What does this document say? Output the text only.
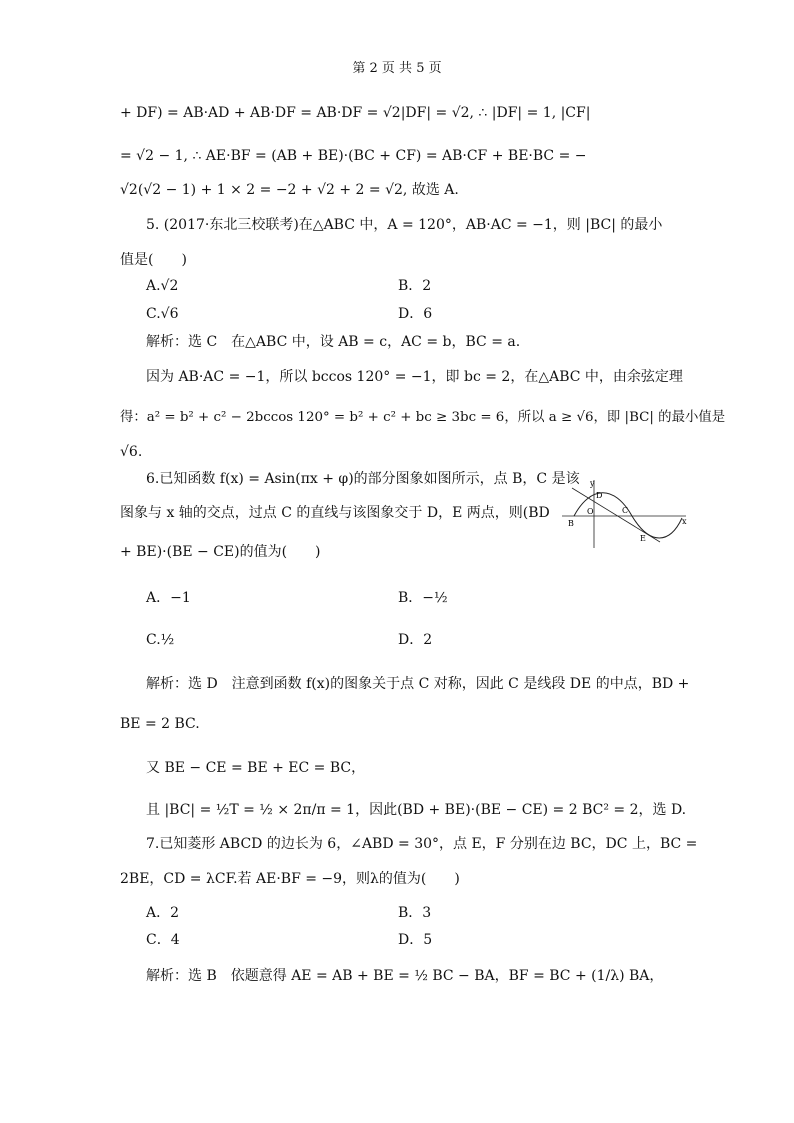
第 2 页 共 5 页
+ DF) = AB·AD + AB·DF = AB·DF = √2|DF| = √2, ∴ |DF| = 1, |CF|
= √2 − 1, ∴ AE·BF = (AB + BE)·(BC + CF) = AB·CF + BE·BC = −
√2(√2 − 1) + 1 × 2 = −2 + √2 + 2 = √2, 故选 A.
5. (2017·东北三校联考)在△ABC 中，A = 120°，AB·AC = −1，则 |BC| 的最小
值是(　　)
A.√2	B．2
C.√6	D．6
解析：选 C　在△ABC 中，设 AB = c，AC = b，BC = a.
因为 AB·AC = −1，所以 bccos 120° = −1，即 bc = 2，在△ABC 中，由余弦定理
得：a² = b² + c² − 2bccos 120° = b² + c² + bc ≥ 3bc = 6，所以 a ≥ √6，即 |BC| 的最小值是
√6.
6.已知函数 f(x) = Asin(πx + φ)的部分图象如图所示，点 B，C 是该
图象与 x 轴的交点，过点 C 的直线与该图象交于 D，E 两点，则(BD
+ BE)·(BE − CE)的值为(　　)
y
x
O
B
C
D
E
A．−1	B．−½
C.½	D．2
解析：选 D　注意到函数 f(x)的图象关于点 C 对称，因此 C 是线段 DE 的中点，BD +
BE = 2 BC.
又 BE − CE = BE + EC = BC，
且 |BC| = ½T = ½ × 2π/π = 1，因此(BD + BE)·(BE − CE) = 2 BC² = 2，选 D.
7.已知菱形 ABCD 的边长为 6，∠ABD = 30°，点 E，F 分别在边 BC，DC 上，BC =
2BE，CD = λCF.若 AE·BF = −9，则λ的值为(　　)
A．2	B．3
C．4	D．5
解析：选 B　依题意得 AE = AB + BE = ½ BC − BA，BF = BC + (1/λ) BA，
